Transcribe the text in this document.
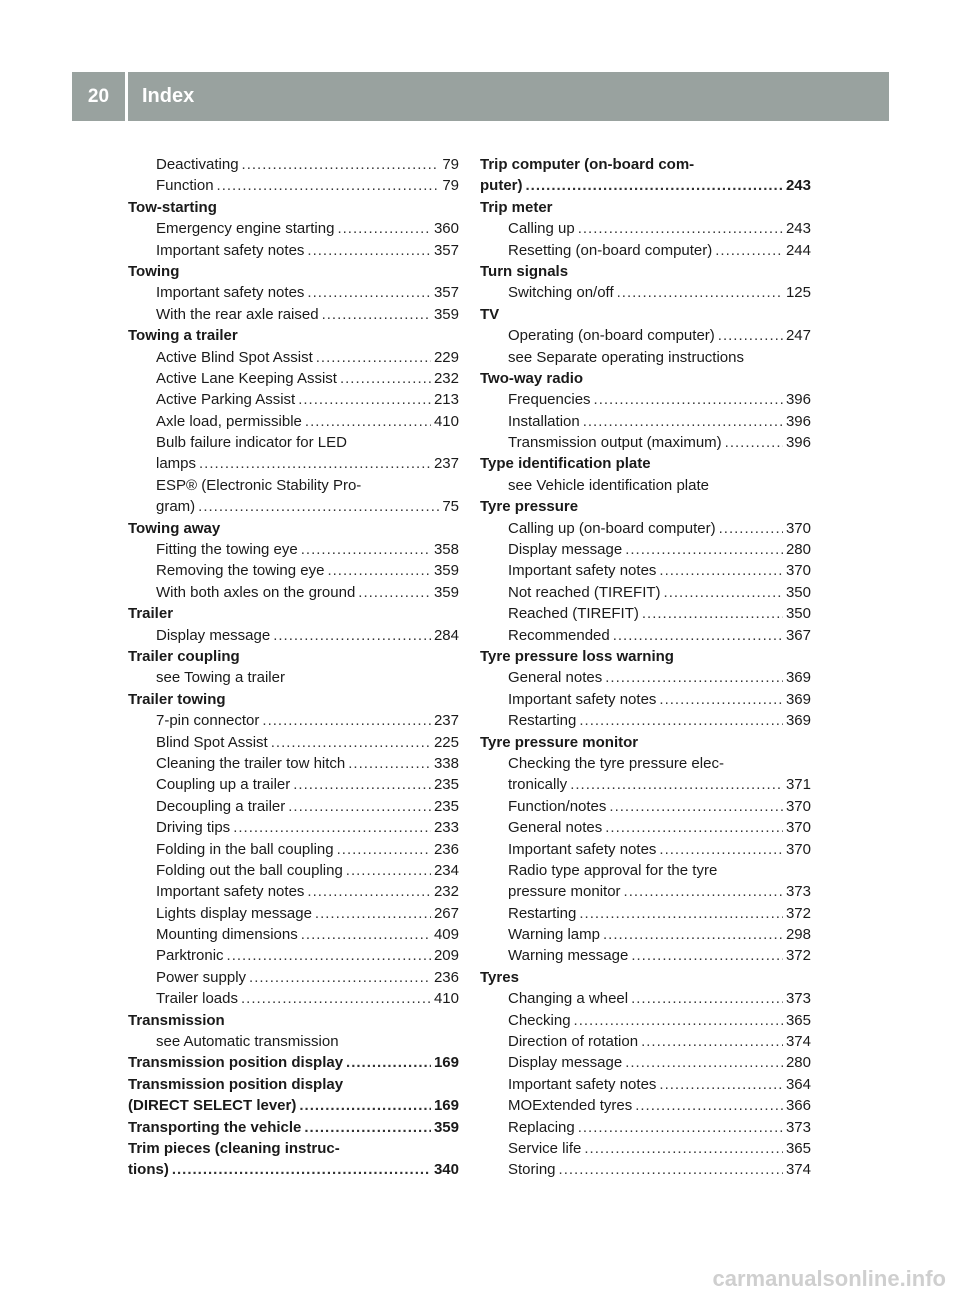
20	Index
Deactivating .....	79
Function .....	79
Tow-starting
Emergency engine starting .....	360
Important safety notes .....	357
Towing
Important safety notes .....	357
With the rear axle raised .....	359
Towing a trailer
Active Blind Spot Assist .....	229
Active Lane Keeping Assist .....	232
Active Parking Assist .....	213
Axle load, permissible .....	410
Bulb failure indicator for LED
lamps .....	237
ESP® (Electronic Stability Pro-
gram) .....	75
Towing away
Fitting the towing eye .....	358
Removing the towing eye .....	359
With both axles on the ground .....	359
Trailer
Display message .....	284
Trailer coupling
see Towing a trailer
Trailer towing
7-pin connector .....	237
Blind Spot Assist .....	225
Cleaning the trailer tow hitch .....	338
Coupling up a trailer .....	235
Decoupling a trailer .....	235
Driving tips .....	233
Folding in the ball coupling .....	236
Folding out the ball coupling .....	234
Important safety notes .....	232
Lights display message .....	267
Mounting dimensions .....	409
Parktronic .....	209
Power supply .....	236
Trailer loads .....	410
Transmission
see Automatic transmission
Transmission position display .....	169
Transmission position display
(DIRECT SELECT lever) .....	169
Transporting the vehicle .....	359
Trim pieces (cleaning instruc-
tions) .....	340
Trip computer (on-board com-
puter) .....	243
Trip meter
Calling up .....	243
Resetting (on-board computer) .....	244
Turn signals
Switching on/off .....	125
TV
Operating (on-board computer) .....	247
see Separate operating instructions
Two-way radio
Frequencies .....	396
Installation .....	396
Transmission output (maximum) .....	396
Type identification plate
see Vehicle identification plate
Tyre pressure
Calling up (on-board computer) .....	370
Display message .....	280
Important safety notes .....	370
Not reached (TIREFIT) .....	350
Reached (TIREFIT) .....	350
Recommended .....	367
Tyre pressure loss warning
General notes .....	369
Important safety notes .....	369
Restarting .....	369
Tyre pressure monitor
Checking the tyre pressure elec-
tronically .....	371
Function/notes .....	370
General notes .....	370
Important safety notes .....	370
Radio type approval for the tyre
pressure monitor .....	373
Restarting .....	372
Warning lamp .....	298
Warning message .....	372
Tyres
Changing a wheel .....	373
Checking .....	365
Direction of rotation .....	374
Display message .....	280
Important safety notes .....	364
MOExtended tyres .....	366
Replacing .....	373
Service life .....	365
Storing .....	374
carmanualsonline.info
